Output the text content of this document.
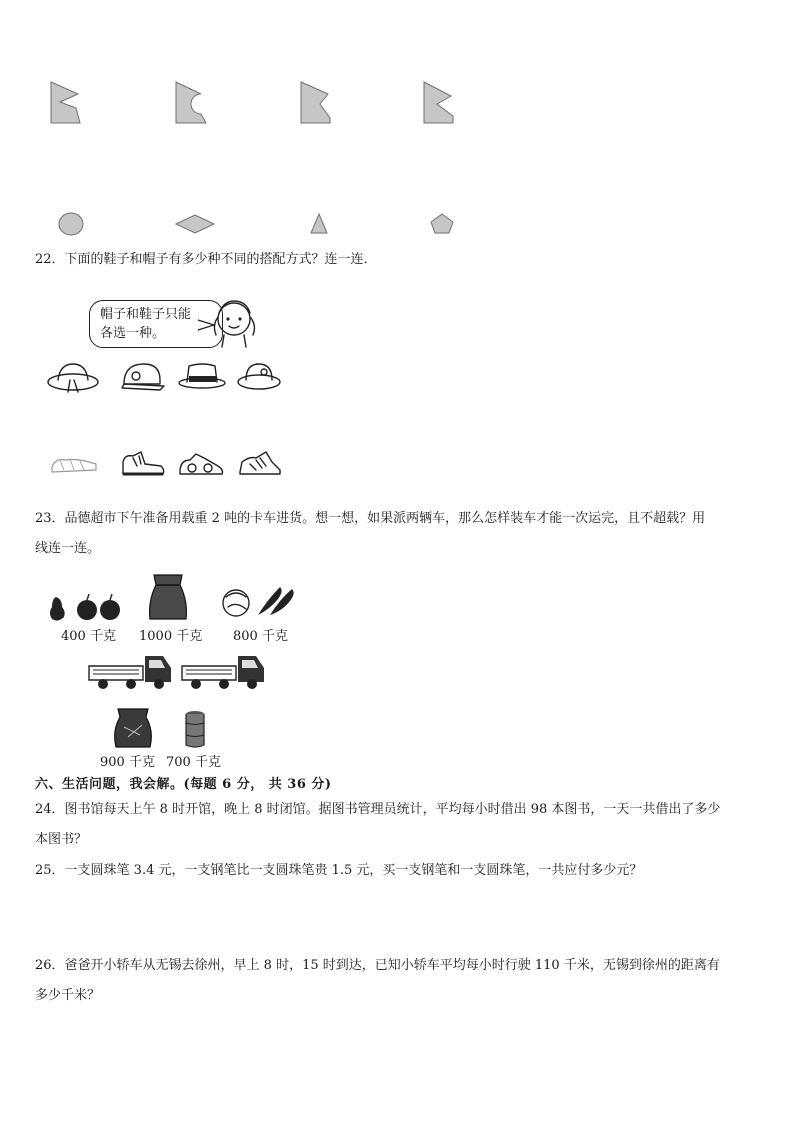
22．下面的鞋子和帽子有多少种不同的搭配方式？连一连．
帽子和鞋子只能
各选一种。
23．品德超市下午准备用载重 2 吨的卡车进货。想一想，如果派两辆车，那么怎样装车才能一次运完，且不超载？用
线连一连。
400 千克 1000 千克 800 千克
900 千克 700 千克
六、生活问题，我会解。(每题 6 分， 共 36 分)
24．图书馆每天上午 8 时开馆，晚上 8 时闭馆。据图书管理员统计，平均每小时借出 98 本图书，一天一共借出了多少
本图书？
25．一支圆珠笔 3.4 元，一支钢笔比一支圆珠笔贵 1.5 元，买一支钢笔和一支圆珠笔，一共应付多少元？
26．爸爸开小轿车从无锡去徐州，早上 8 时，15 时到达，已知小轿车平均每小时行驶 110 千米，无锡到徐州的距离有
多少千米？
